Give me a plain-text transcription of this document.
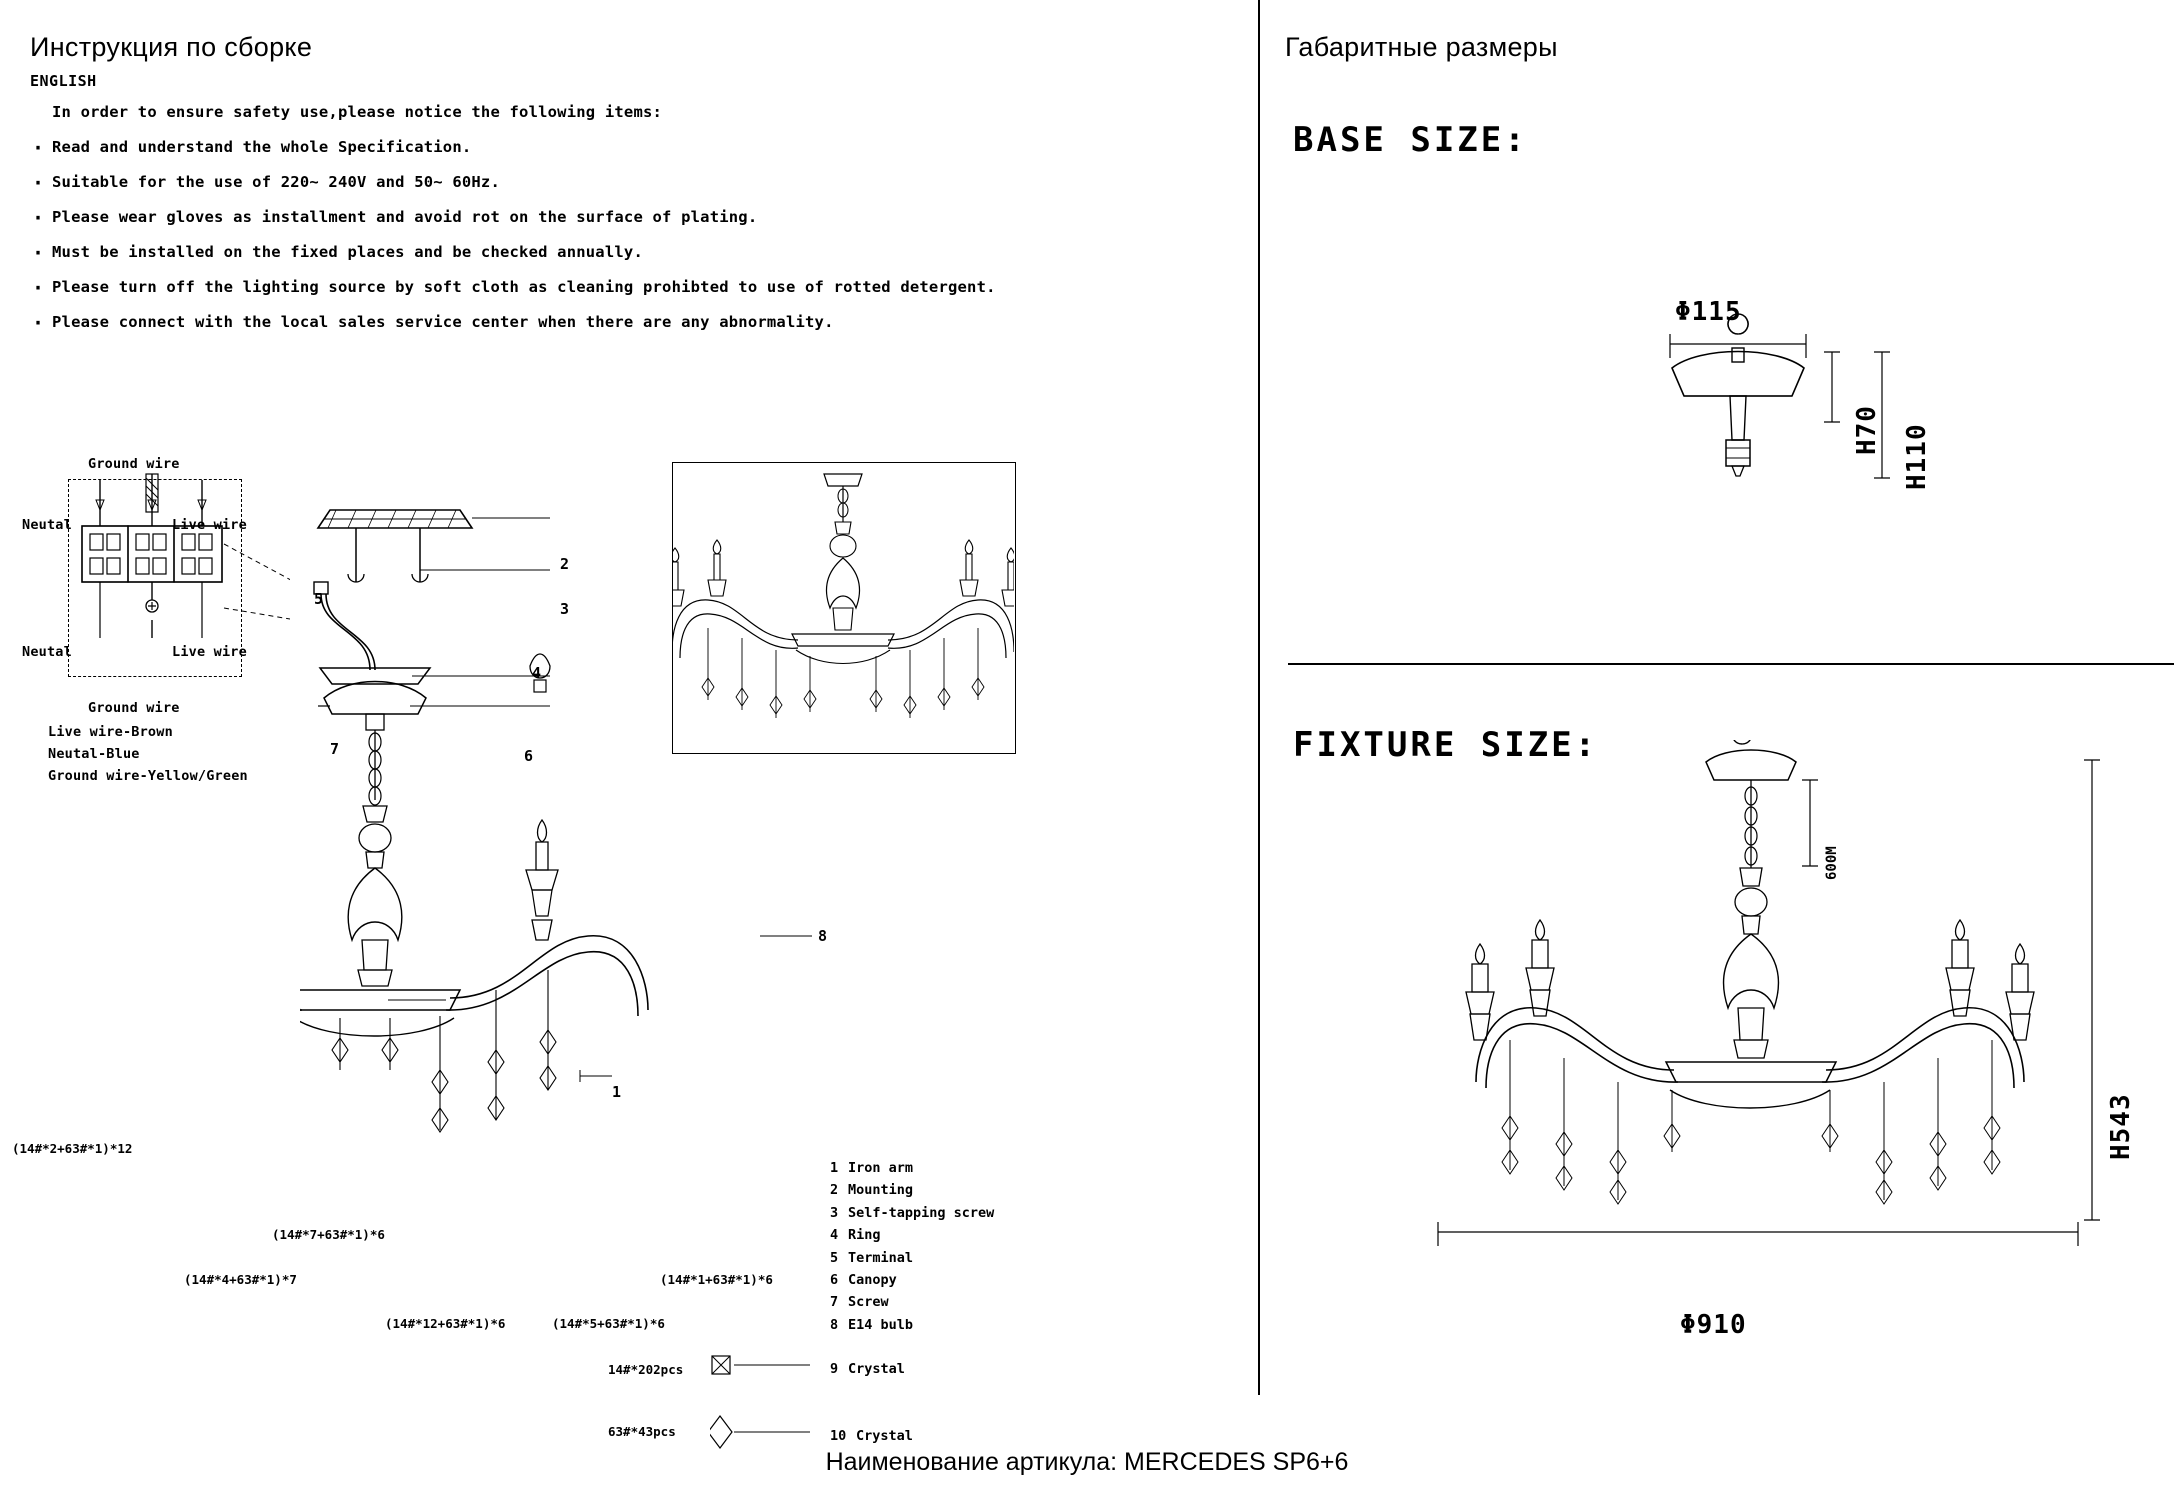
Инструкция по сборке
ENGLISH
In order to ensure safety use,please notice the following items:
· Read and understand the whole Specification.
· Suitable for the use of 220~ 240V and 50~ 60Hz.
· Please wear gloves as installment and avoid rot on the surface of plating.
· Must be installed on the fixed places and be checked annually.
· Please turn off the lighting source by soft cloth as cleaning prohibted to use of rotted detergent.
· Please connect with the local sales service center when there are any abnormality.
Ground wire
Ground wire
Neutal	Live wire
Neutal	Live wire
Live wire-Brown
Neutal-Blue
Ground wire-Yellow/Green
2
3
5
4
6
7
8
1
(14#*2+63#*1)*12
(14#*7+63#*1)*6
(14#*4+63#*1)*7
(14#*12+63#*1)*6	(14#*5+63#*1)*6
(14#*1+63#*1)*6
14#*202pcs
63#*43pcs
1 Iron arm
2 Mounting
3 Self-tapping screw
4 Ring
5 Terminal
6 Canopy
7 Screw
8 E14 bulb
9 Crystal
10 Crystal
Габаритные размеры
BASE SIZE:
FIXTURE SIZE:
Φ115
H70 H110
600M
H543
Φ910
Наименование артикула: MERCEDES SP6+6
